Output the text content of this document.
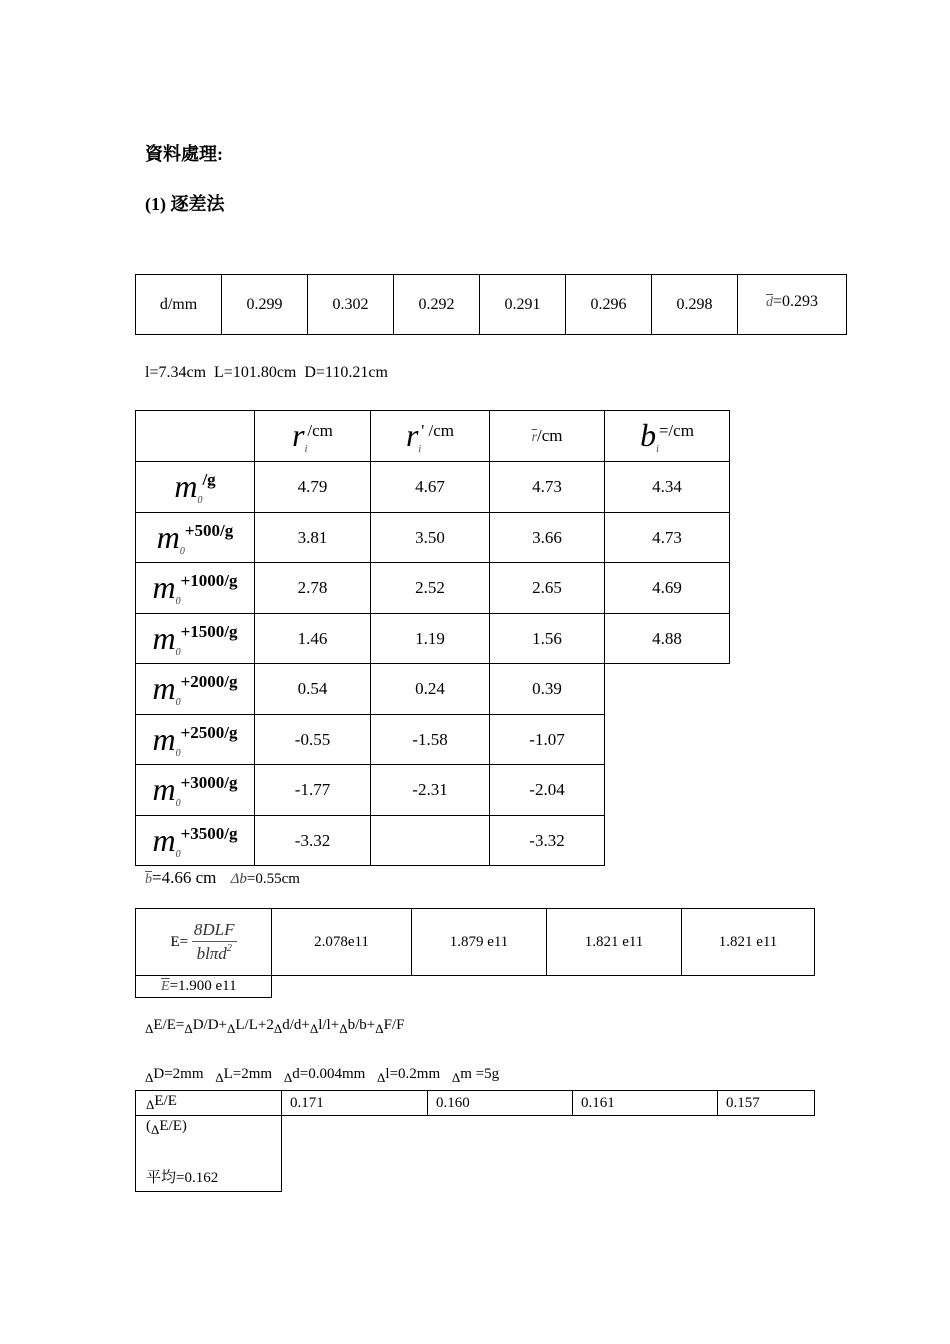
資料處理:
(1) 逐差法
d/mm	0.299	0.302	0.292	0.291	0.296	0.298	$\overline{d}=0.293$
l=7.34cm  L=101.80cm  D=110.21cm
	$r_i/cm$	$r_i'$ /cm	$\overline{r}/cm$	$b_i=/cm$
$m_0/g$	4.79	4.67	4.73	4.34
$m_0+500/g$	3.81	3.50	3.66	4.73
$m_0+1000/g$	2.78	2.52	2.65	4.69
$m_0+1500/g$	1.46	1.19	1.56	4.88
$m_0+2000/g$	0.54	0.24	0.39	
$m_0+2500/g$	-0.55	-1.58	-1.07	
$m_0+3000/g$	-1.77	-2.31	-2.04	
$m_0+3500/g$	-3.32		-3.32	
$\overline{b}=4.66$ cm Δb=0.55cm
E=
8DLF
blπd$^2$	2.078e11	1.879 e11	1.821 e11	1.821 e11
$\overline{E}=1.900$ e11				
ΔE/E=ΔD/D+ΔL/L+2Δd/d+Δl/l+Δb/b+ΔF/F
ΔD=2mm ΔL=2mm Δd=0.004mm Δl=0.2mm Δm =5g
ΔE/E	0.171	0.160	0.161	0.157

(ΔE/E)
平均=0.162				
